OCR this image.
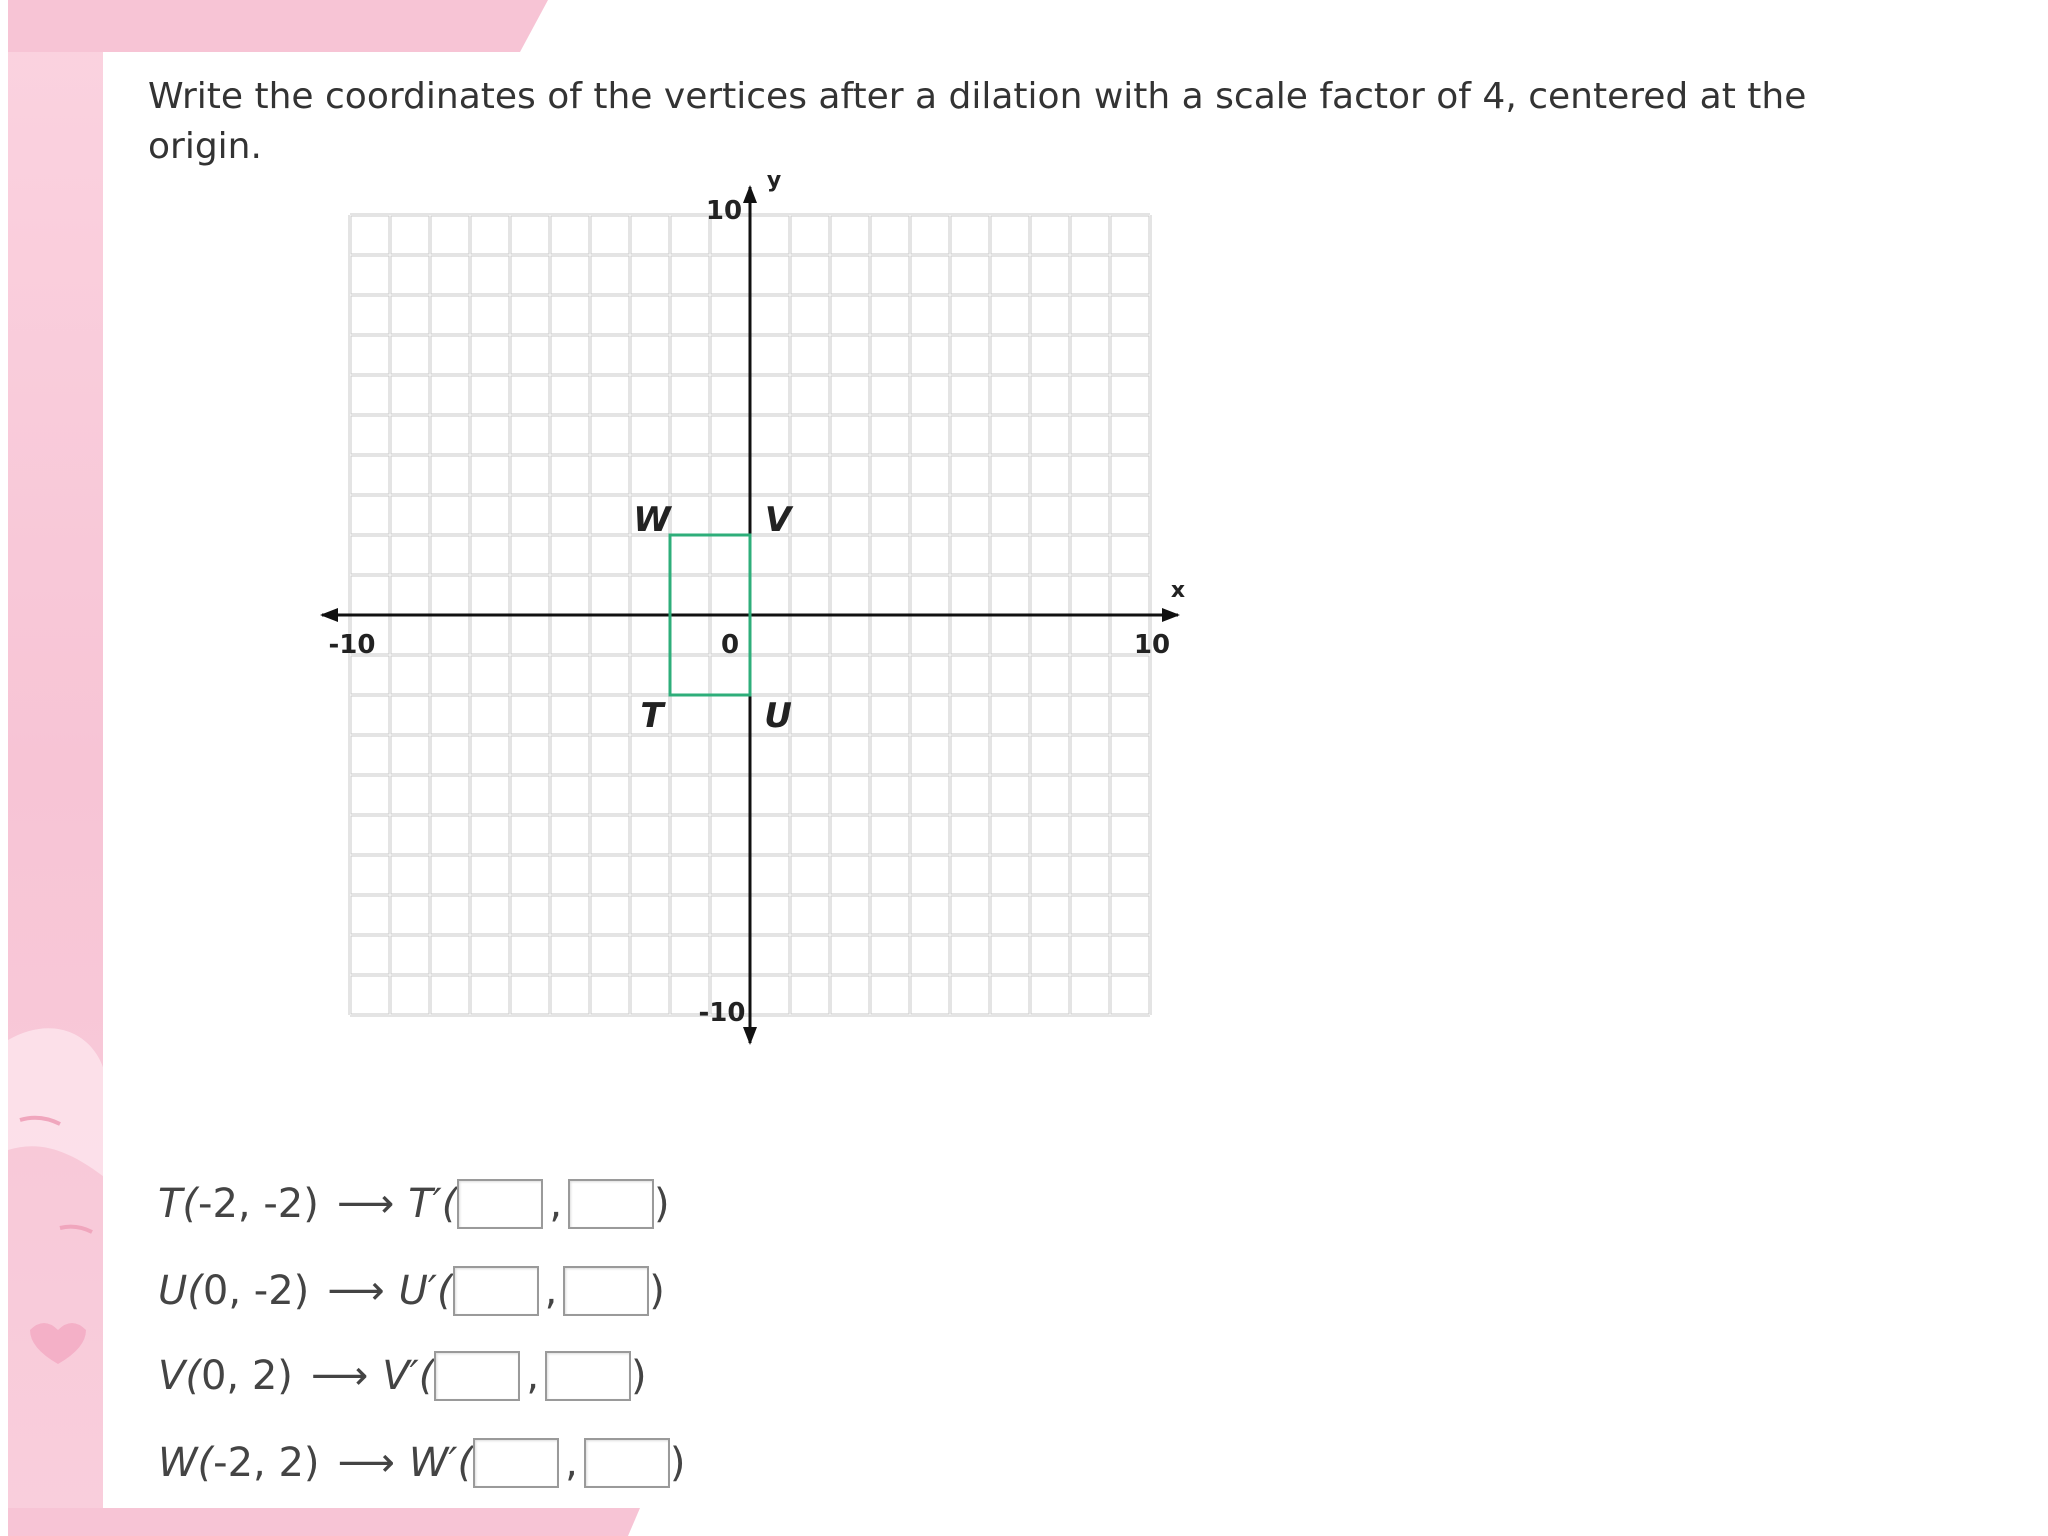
Write the coordinates of the vertices after a dilation with a scale factor of 4, centered at the origin.
x
y
-10	10
10
-10
0
T	U
V
W
T(-2, -2) ⟶ T′( , )
U(0, -2) ⟶ U′( , )
V(0, 2) ⟶ V′( , )
W(-2, 2) ⟶ W′( , )
